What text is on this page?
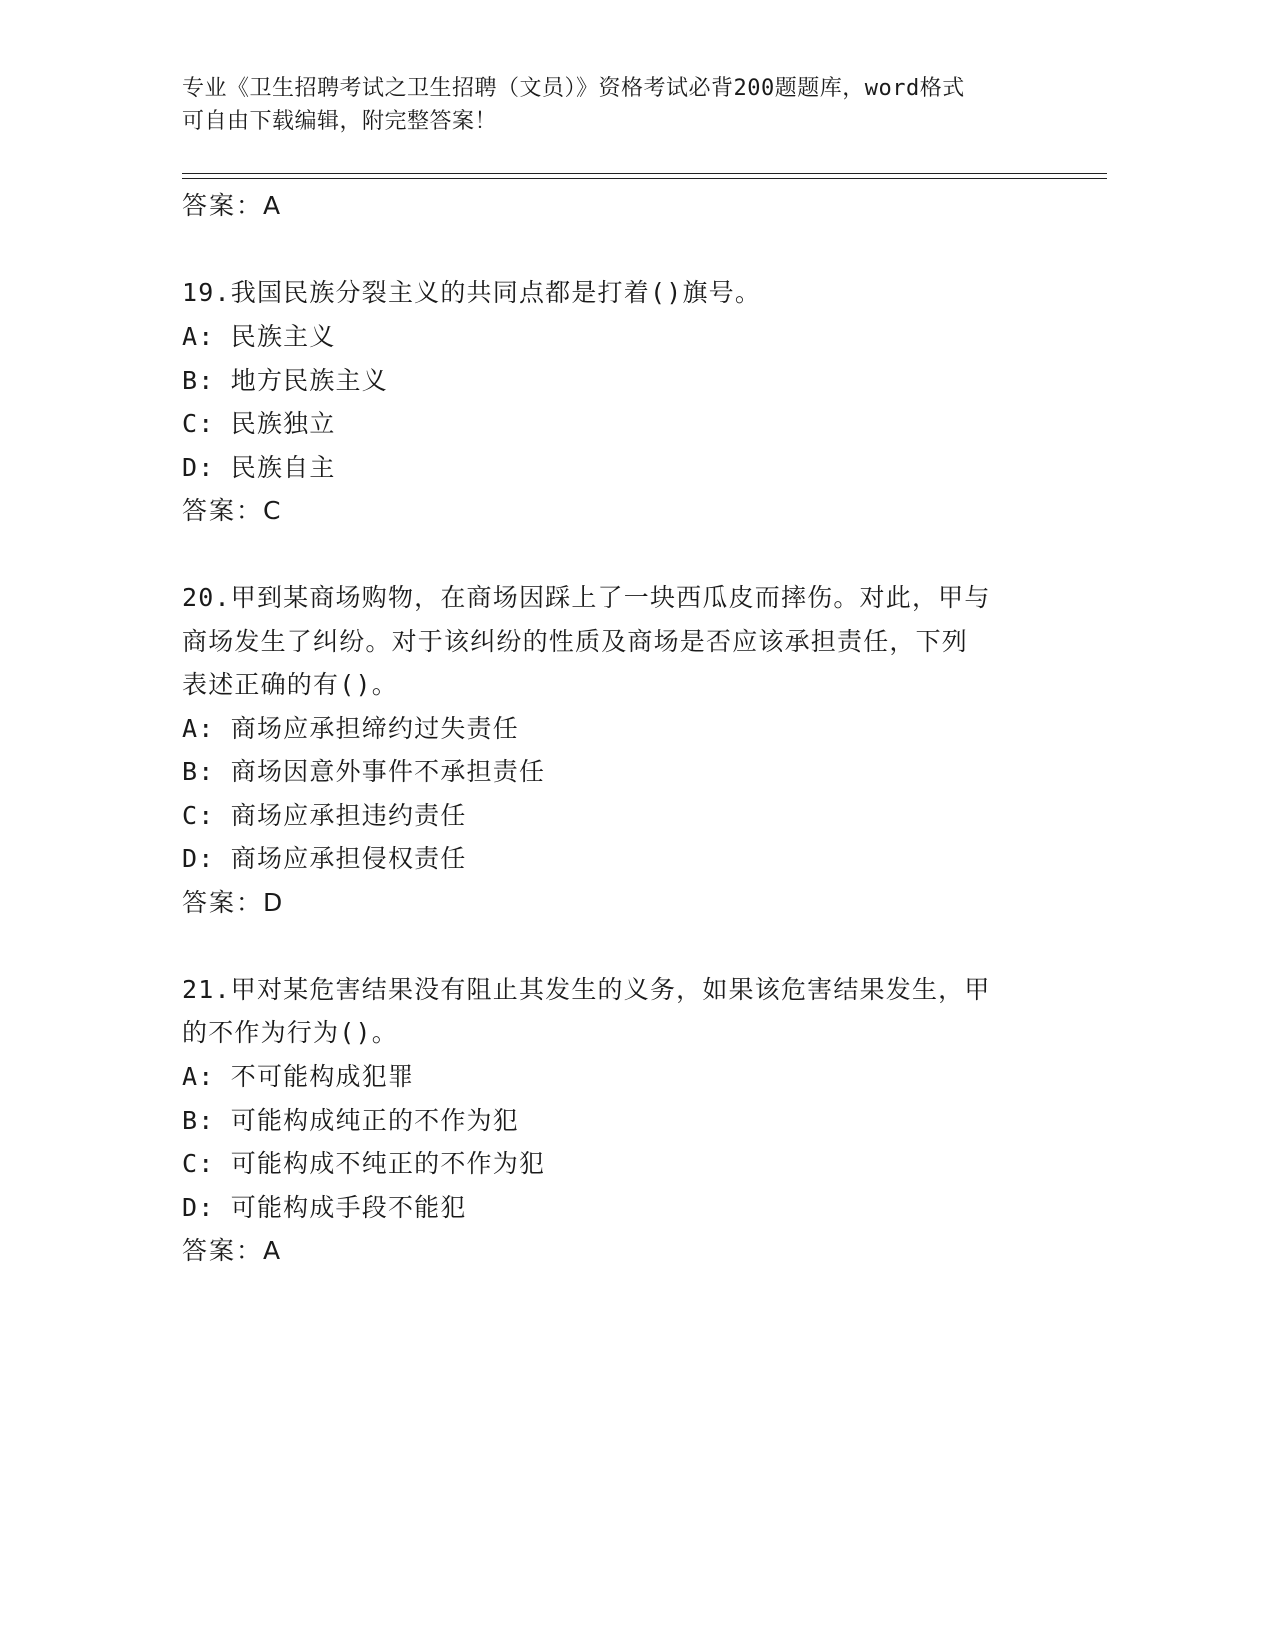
专业《卫生招聘考试之卫生招聘（文员）》资格考试必背200题题库，word格式
可自由下载编辑，附完整答案！
答案：A
19.我国民族分裂主义的共同点都是打着()旗号。
A: 民族主义
B: 地方民族主义
C: 民族独立
D: 民族自主
答案：C
20.甲到某商场购物，在商场因踩上了一块西瓜皮而摔伤。对此，甲与
商场发生了纠纷。对于该纠纷的性质及商场是否应该承担责任，下列
表述正确的有()。
A: 商场应承担缔约过失责任
B: 商场因意外事件不承担责任
C: 商场应承担违约责任
D: 商场应承担侵权责任
答案：D
21.甲对某危害结果没有阻止其发生的义务，如果该危害结果发生，甲
的不作为行为()。
A: 不可能构成犯罪
B: 可能构成纯正的不作为犯
C: 可能构成不纯正的不作为犯
D: 可能构成手段不能犯
答案：A
